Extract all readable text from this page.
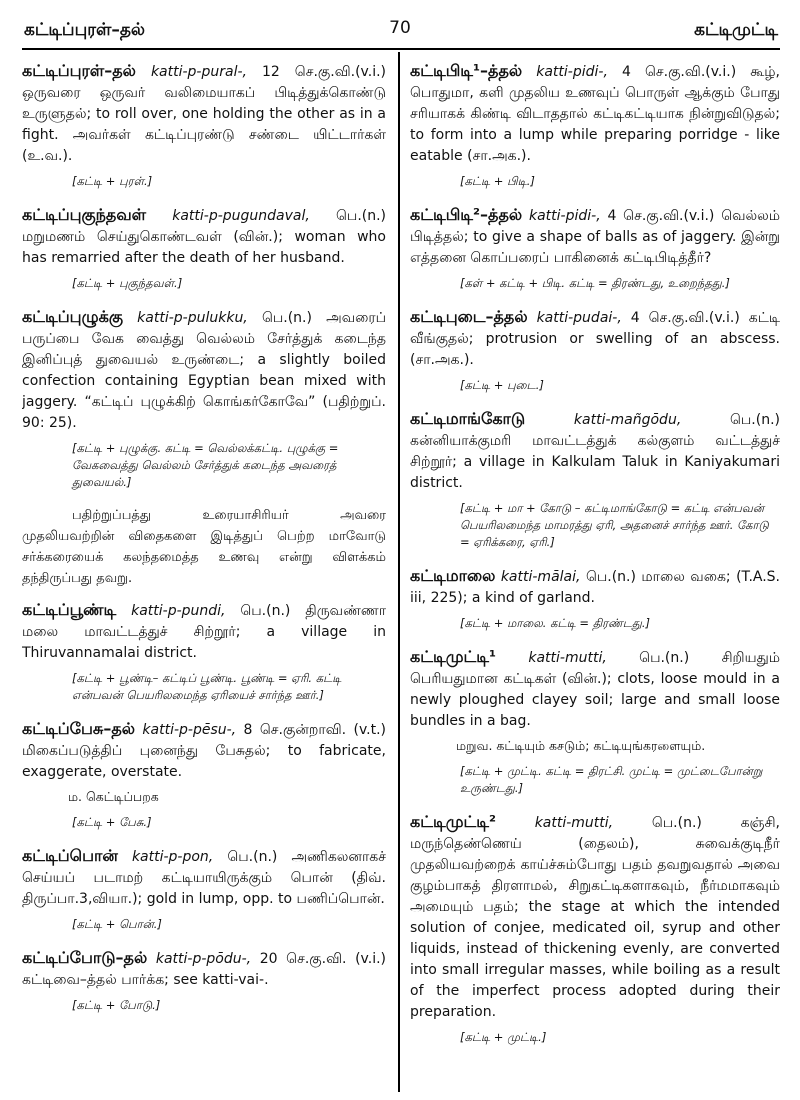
கட்டிப்புரள்–தல்	70	கட்டிமுட்டி

கட்டிப்புரள்–தல் katti-p-pural-, 12 செ.கு.வி.(v.i.) ஒருவரை ஒருவர் வலிமையாகப் பிடித்துக்கொண்டு உருளுதல்; to roll over, one holding the other as in a fight. அவர்கள் கட்டிப்புரண்டு சண்டை யிட்டார்கள் (உ.வ.).

[கட்டி + புரள்.]

கட்டிப்புகுந்தவள் katti-p-pugundaval, பெ.(n.) மறுமணம் செய்துகொண்டவள் (வின்.); woman who has remarried after the death of her husband.

[கட்டி + புகுந்தவள்.]

கட்டிப்புழுக்கு katti-p-pulukku, பெ.(n.) அவரைப் பருப்பை வேக வைத்து வெல்லம் சேர்த்துக் கடைந்த இனிப்புத் துவையல் உருண்டை; a slightly boiled confection containing Egyptian bean mixed with jaggery. “கட்டிப் புழுக்கிற் கொங்கர்கோவே” (பதிற்றுப். 90: 25).

[கட்டி + புழுக்கு. கட்டி = வெல்லக்கட்டி. புழுக்கு = வேகவைத்து வெல்லம் சேர்த்துக் கடைந்த அவரைத் துவையல்.]

பதிற்றுப்பத்து உரையாசிரியர் அவரை முதலியவற்றின் விதைகளை இடித்துப் பெற்ற மாவோடு சர்க்கரையைக் கலந்தமைத்த உணவு என்று விளக்கம் தந்திருப்பது தவறு.

கட்டிப்பூண்டி katti-p-pundi, பெ.(n.) திருவண்ணா மலை மாவட்டத்துச் சிற்றூர்; a village in Thiruvannamalai district.

[கட்டி + பூண்டி– கட்டிப் பூண்டி. பூண்டி = ஏரி. கட்டி என்பவன் பெயரிலமைந்த ஏரியைச் சார்ந்த ஊர்.]

கட்டிப்பேசு–தல் katti-p-pēsu-, 8 செ.குன்றாவி. (v.t.) மிகைப்படுத்திப் புனைந்து பேசுதல்; to fabricate, exaggerate, overstate.

ம. கெட்டிப்பறக

[கட்டி + பேசு.]

கட்டிப்பொன் katti-p-pon, பெ.(n.) அணிகலனாகச் செய்யப் படாமற் கட்டியாயிருக்கும் பொன் (திவ். திருப்பா.3,வியா.); gold in lump, opp. to பணிப்பொன்.

[கட்டி + பொன்.]

கட்டிப்போடு–தல் katti-p-pōdu-, 20 செ.கு.வி. (v.i.) கட்டிவை–த்தல் பார்க்க; see katti-vai-.

[கட்டி + போடு.]

கட்டிபிடி¹–த்தல் katti-pidi-, 4 செ.கு.வி.(v.i.) கூழ், பொதுமா, களி முதலிய உணவுப் பொருள் ஆக்கும் போது சரியாகக் கிண்டி விடாததால் கட்டிகட்டியாக நின்றுவிடுதல்; to form into a lump while preparing porridge - like eatable (சா.அக.).

[கட்டி + பிடி.]

கட்டிபிடி²–த்தல் katti-pidi-, 4 செ.கு.வி.(v.i.) வெல்லம் பிடித்தல்; to give a shape of balls as of jaggery. இன்று எத்தனை கொப்பரைப் பாகினைக் கட்டிபிடித்தீர்?

[கள் + கட்டி + பிடி. கட்டி = திரண்டது, உறைந்தது.]

கட்டிபுடை–த்தல் katti-pudai-, 4 செ.கு.வி.(v.i.) கட்டி வீங்குதல்; protrusion or swelling of an abscess. (சா.அக.).

[கட்டி + புடை.]

கட்டிமாங்கோடு	katti-mañgōdu,	பெ.(n.) கன்னியாக்குமரி மாவட்டத்துக் கல்குளம் வட்டத்துச் சிற்றூர்; a village in Kalkulam Taluk in Kaniyakumari district.

[கட்டி + மா + கோடு – கட்டிமாங்கோடு = கட்டி என்பவன் பெயரிலமைந்த மாமரத்து ஏரி, அதனைச் சார்ந்த ஊர். கோடு = ஏரிக்கரை, ஏரி.]

கட்டிமாலை katti-mālai, பெ.(n.) மாலை வகை; (T.A.S. iii, 225); a kind of garland.

[கட்டி + மாலை. கட்டி = திரண்டது.]

கட்டிமுட்டி¹ katti-mutti, பெ.(n.) சிறியதும் பெரியதுமான கட்டிகள் (வின்.); clots, loose mould in a newly ploughed clayey soil; large and small loose bundles in a bag.

மறுவ. கட்டியும் கசடும்; கட்டியுங்கரளையும்.

[கட்டி + முட்டி. கட்டி = திரட்சி. முட்டி = முட்டைபோன்று உருண்டது.]

கட்டிமுட்டி²	katti-mutti,	பெ.(n.) கஞ்சி, மருந்தெண்ணெய் (தைலம்), சுவைக்குடிநீர் முதலியவற்றைக் காய்ச்சும்போது பதம் தவறுவதால் அவை குழம்பாகத் திரளாமல், சிறுகட்டிகளாகவும், நீர்மமாகவும் அமையும் பதம்; the stage at which the intended solution of conjee, medicated oil, syrup and other liquids, instead of thickening evenly, are converted into small irregular masses, while boiling as a result of the imperfect process adopted during their preparation.

[கட்டி + முட்டி.]
